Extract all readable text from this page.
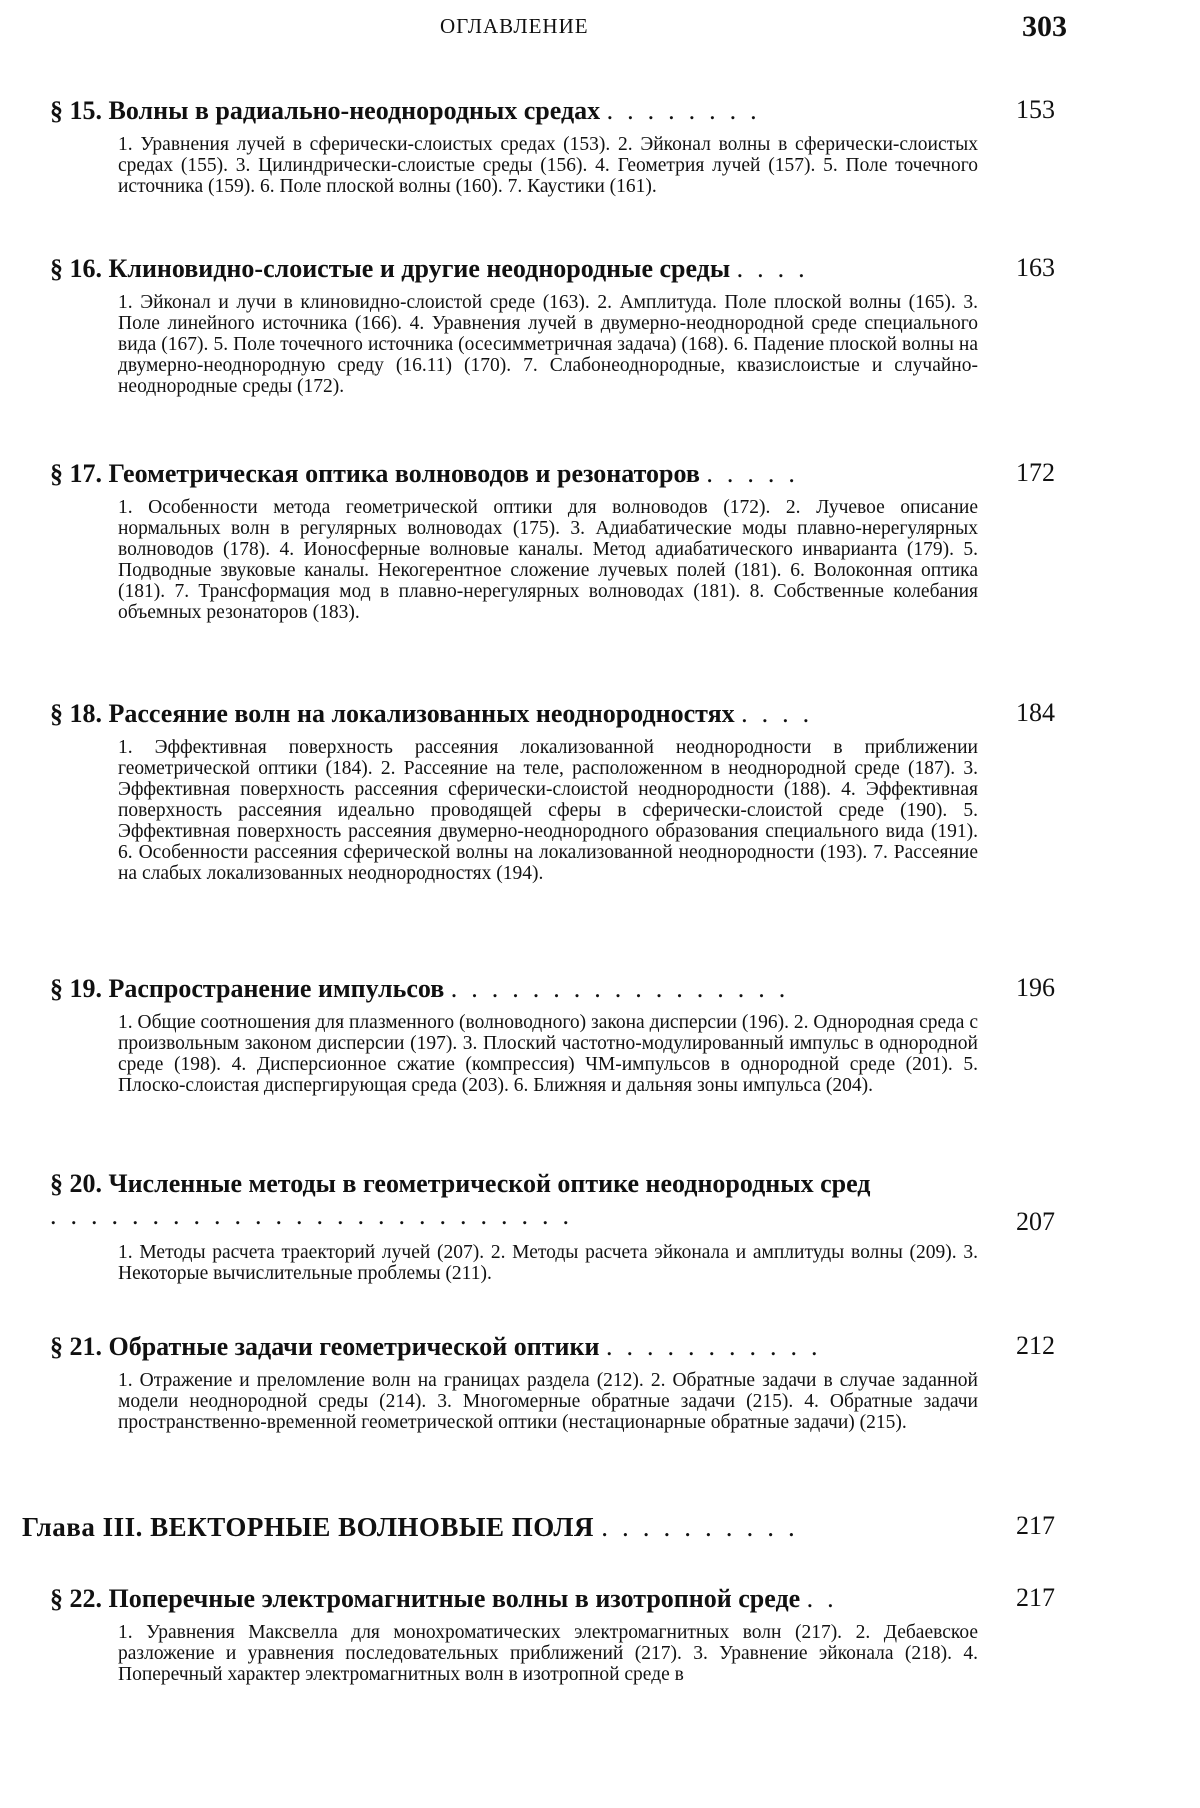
ОГЛАВЛЕНИЕ	303
§ 15. Волны в радиально-неоднородных средах ........	153
1. Уравнения лучей в сферически-слоистых средах (153). 2. Эйконал волны в сферически-слоистых средах (155). 3. Цилиндрически-слоистые среды (156). 4. Геометрия лучей (157). 5. Поле точечного источника (159). 6. Поле плоской волны (160). 7. Каустики (161).
§ 16. Клиновидно-слоистые и другие неоднородные среды ....	163
1. Эйконал и лучи в клиновидно-слоистой среде (163). 2. Амплитуда. Поле плоской волны (165). 3. Поле линейного источника (166). 4. Уравнения лучей в двумерно-неоднородной среде специального вида (167). 5. Поле точечного источника (осесимметричная задача) (168). 6. Падение плоской волны на двумерно-неоднородную среду (16.11) (170). 7. Слабонеоднородные, квазислоистые и случайно-неоднородные среды (172).
§ 17. Геометрическая оптика волноводов и резонаторов .....	172
1. Особенности метода геометрической оптики для волноводов (172). 2. Лучевое описание нормальных волн в регулярных волноводах (175). 3. Адиабатические моды плавно-нерегулярных волноводов (178). 4. Ионосферные волновые каналы. Метод адиабатического инварианта (179). 5. Подводные звуковые каналы. Некогерентное сложение лучевых полей (181). 6. Волоконная оптика (181). 7. Трансформация мод в плавно-нерегулярных волноводах (181). 8. Собственные колебания объемных резонаторов (183).
§ 18. Рассеяние волн на локализованных неоднородностях ....	184
1. Эффективная поверхность рассеяния локализованной неоднородности в приближении геометрической оптики (184). 2. Рассеяние на теле, расположенном в неоднородной среде (187). 3. Эффективная поверхность рассеяния сферически-слоистой неоднородности (188). 4. Эффективная поверхность рассеяния идеально проводящей сферы в сферически-слоистой среде (190). 5. Эффективная поверхность рассеяния двумерно-неоднородного образования специального вида (191). 6. Особенности рассеяния сферической волны на локализованной неоднородности (193). 7. Рассеяние на слабых локализованных неоднородностях (194).
§ 19. Распространение импульсов .................	196
1. Общие соотношения для плазменного (волноводного) закона дисперсии (196). 2. Однородная среда с произвольным законом дисперсии (197). 3. Плоский частотно-модулированный импульс в однородной среде (198). 4. Дисперсионное сжатие (компрессия) ЧМ-импульсов в однородной среде (201). 5. Плоско-слоистая диспергирующая среда (203). 6. Ближняя и дальняя зоны импульса (204).
§ 20. Численные методы в геометрической оптике неоднородных сред ..........................	207
1. Методы расчета траекторий лучей (207). 2. Методы расчета эйконала и амплитуды волны (209). 3. Некоторые вычислительные проблемы (211).
§ 21. Обратные задачи геометрической оптики ...........	212
1. Отражение и преломление волн на границах раздела (212). 2. Обратные задачи в случае заданной модели неоднородной среды (214). 3. Многомерные обратные задачи (215). 4. Обратные задачи пространственно-временной геометрической оптики (нестационарные обратные задачи) (215).
Глава III. ВЕКТОРНЫЕ ВОЛНОВЫЕ ПОЛЯ ..........	217
§ 22. Поперечные электромагнитные волны в изотропной среде ..	217
1. Уравнения Максвелла для монохроматических электромагнитных волн (217). 2. Дебаевское разложение и уравнения последовательных приближений (217). 3. Уравнение эйконала (218). 4. Поперечный характер электромагнитных волн в изотропной среде в
